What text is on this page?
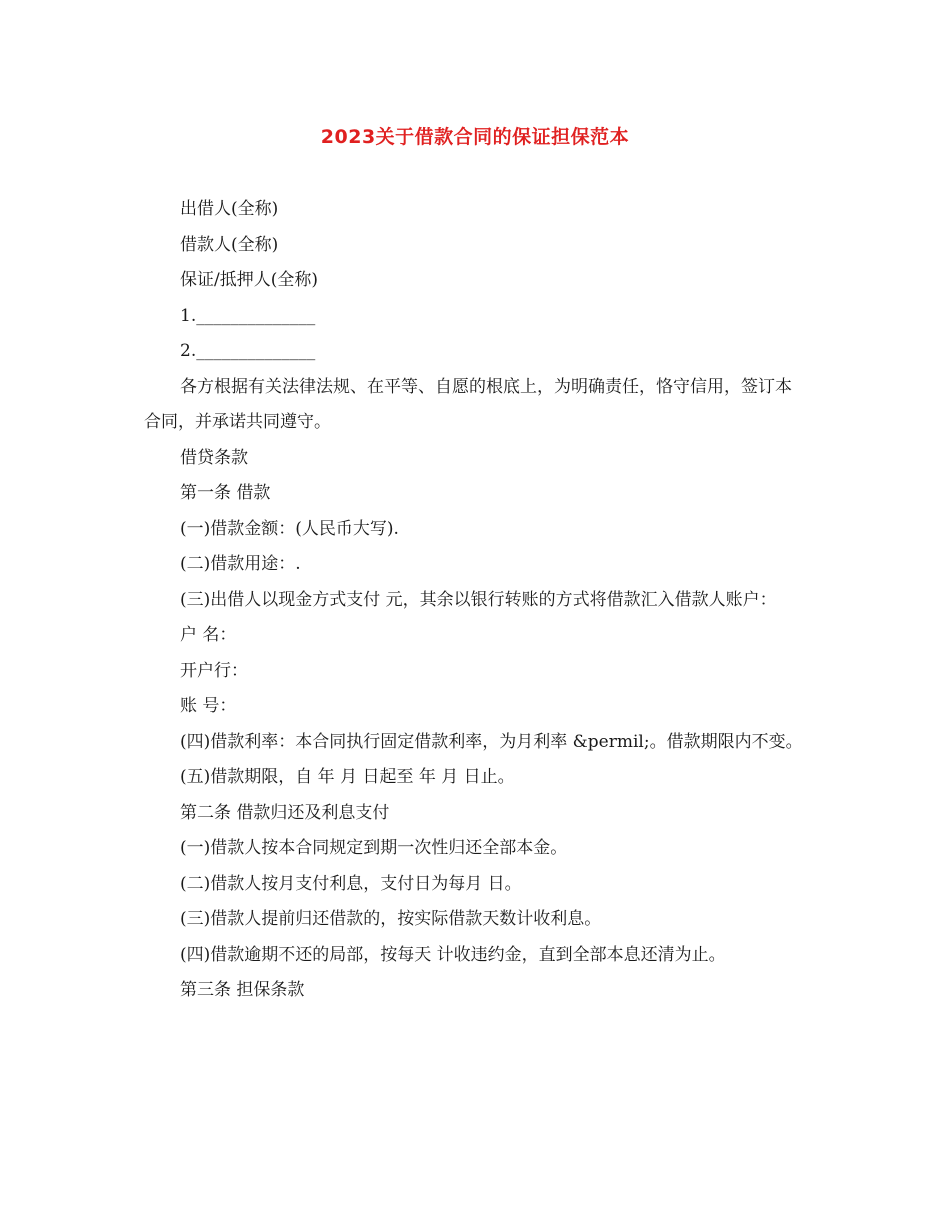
2023关于借款合同的保证担保范本

出借人(全称)

借款人(全称)

保证/抵押人(全称)

1.______________

2.______________

各方根据有关法律法规、在平等、自愿的根底上，为明确责任，恪守信用，签订本合同，并承诺共同遵守。

借贷条款

第一条 借款

(一)借款金额：(人民币大写).

(二)借款用途：.

(三)出借人以现金方式支付 元，其余以银行转账的方式将借款汇入借款人账户：

户 名：

开户行：

账 号：

(四)借款利率：本合同执行固定借款利率，为月利率 &permil;。借款期限内不变。

(五)借款期限，自 年 月 日起至 年 月 日止。

第二条 借款归还及利息支付

(一)借款人按本合同规定到期一次性归还全部本金。

(二)借款人按月支付利息，支付日为每月 日。

(三)借款人提前归还借款的，按实际借款天数计收利息。

(四)借款逾期不还的局部，按每天 计收违约金，直到全部本息还清为止。

第三条 担保条款
